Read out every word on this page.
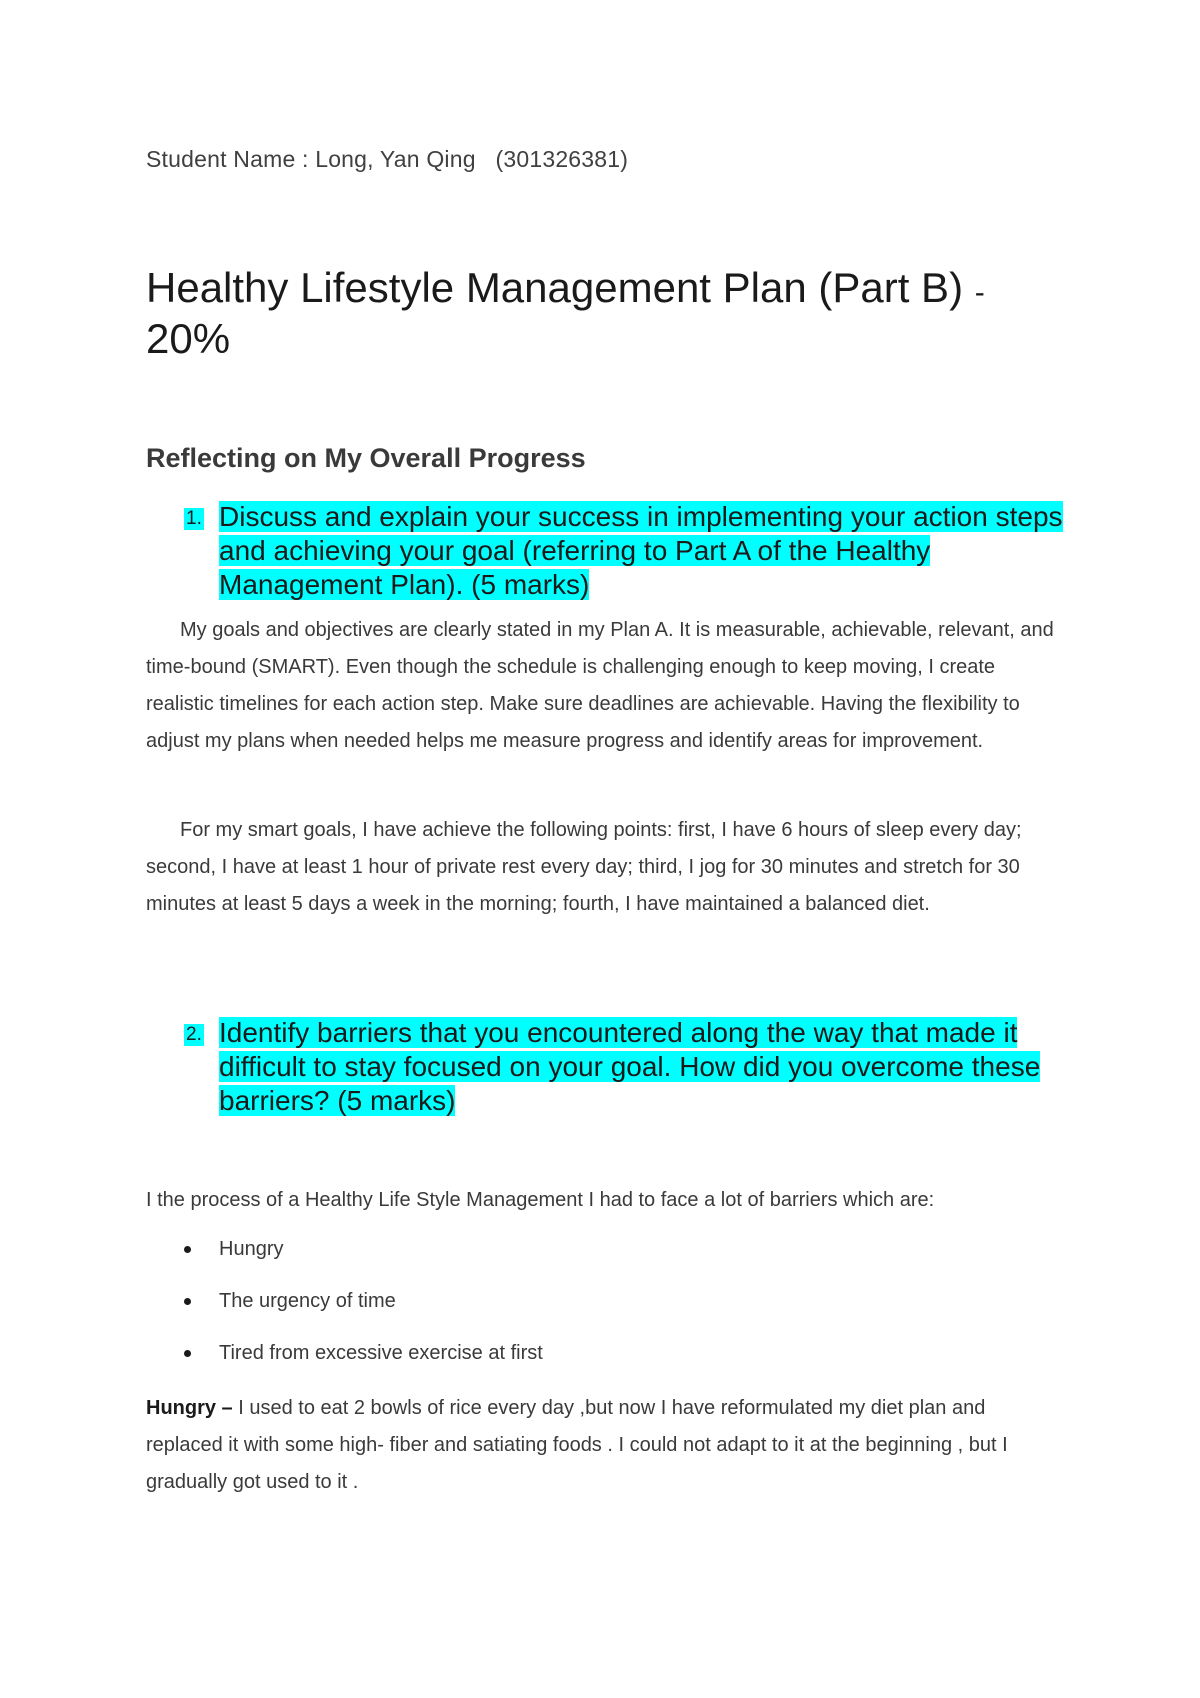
Student Name : Long, Yan Qing   (301326381)
Healthy Lifestyle Management Plan (Part B) -
20%
Reflecting on My Overall Progress
1. Discuss and explain your success in implementing your action steps and achieving your goal (referring to Part A of the Healthy Management Plan). (5 marks)

My goals and objectives are clearly stated in my Plan A. It is measurable, achievable, relevant, and time-bound (SMART). Even though the schedule is challenging enough to keep moving, I create realistic timelines for each action step. Make sure deadlines are achievable. Having the flexibility to adjust my plans when needed helps me measure progress and identify areas for improvement.

For my smart goals, I have achieve the following points: first, I have 6 hours of sleep every day; second, I have at least 1 hour of private rest every day; third, I jog for 30 minutes and stretch for 30 minutes at least 5 days a week in the morning; fourth, I have maintained a balanced diet.

2. Identify barriers that you encountered along the way that made it difficult to stay focused on your goal. How did you overcome these barriers? (5 marks)

I the process of a Healthy Life Style Management I had to face a lot of barriers which are:

Hungry
The urgency of time
Tired from excessive exercise at first

Hungry – I used to eat 2 bowls of rice every day ,but now I have reformulated my diet plan and replaced it with some high- fiber and satiating foods . I could not adapt to it at the beginning , but I gradually got used to it .
